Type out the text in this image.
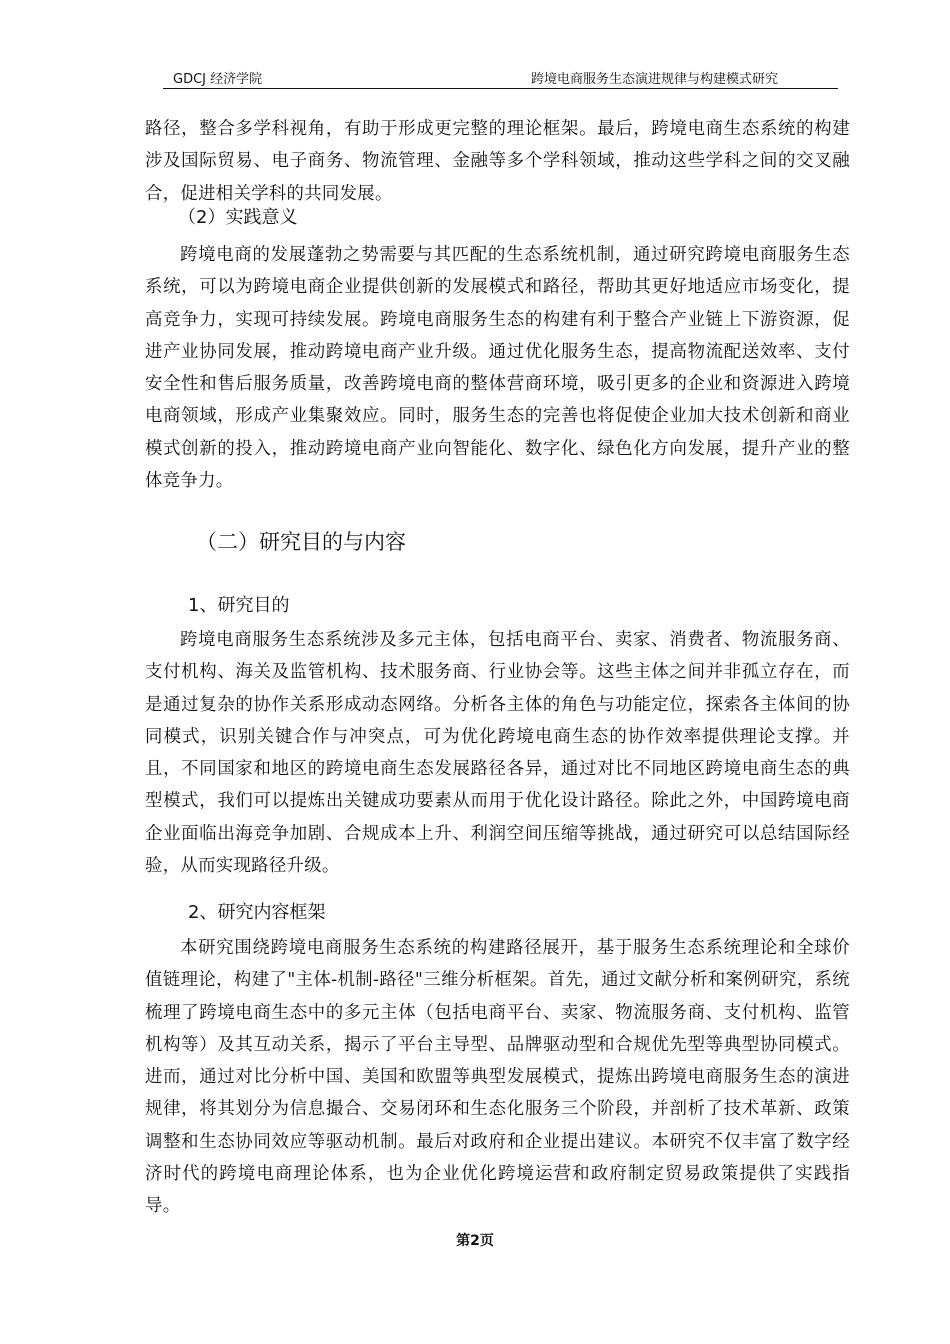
GDCJ 经济学院	跨境电商服务生态演进规律与构建模式研究
路径，整合多学科视角，有助于形成更完整的理论框架。最后，跨境电商生态系统的构建涉及国际贸易、电子商务、物流管理、金融等多个学科领域，推动这些学科之间的交叉融合，促进相关学科的共同发展。
（2）实践意义
跨境电商的发展蓬勃之势需要与其匹配的生态系统机制，通过研究跨境电商服务生态系统，可以为跨境电商企业提供创新的发展模式和路径，帮助其更好地适应市场变化，提高竞争力，实现可持续发展。跨境电商服务生态的构建有利于整合产业链上下游资源，促进产业协同发展，推动跨境电商产业升级。通过优化服务生态，提高物流配送效率、支付安全性和售后服务质量，改善跨境电商的整体营商环境，吸引更多的企业和资源进入跨境电商领域，形成产业集聚效应。同时，服务生态的完善也将促使企业加大技术创新和商业模式创新的投入，推动跨境电商产业向智能化、数字化、绿色化方向发展，提升产业的整体竞争力。
（二）研究目的与内容
1、研究目的
跨境电商服务生态系统涉及多元主体，包括电商平台、卖家、消费者、物流服务商、支付机构、海关及监管机构、技术服务商、行业协会等。这些主体之间并非孤立存在，而是通过复杂的协作关系形成动态网络。分析各主体的角色与功能定位，探索各主体间的协同模式，识别关键合作与冲突点，可为优化跨境电商生态的协作效率提供理论支撑。并且，不同国家和地区的跨境电商生态发展路径各异，通过对比不同地区跨境电商生态的典型模式，我们可以提炼出关键成功要素从而用于优化设计路径。除此之外，中国跨境电商企业面临出海竞争加剧、合规成本上升、利润空间压缩等挑战，通过研究可以总结国际经验，从而实现路径升级。
2、研究内容框架
本研究围绕跨境电商服务生态系统的构建路径展开，基于服务生态系统理论和全球价值链理论，构建了"主体-机制-路径"三维分析框架。首先，通过文献分析和案例研究，系统梳理了跨境电商生态中的多元主体（包括电商平台、卖家、物流服务商、支付机构、监管机构等）及其互动关系，揭示了平台主导型、品牌驱动型和合规优先型等典型协同模式。进而，通过对比分析中国、美国和欧盟等典型发展模式，提炼出跨境电商服务生态的演进规律，将其划分为信息撮合、交易闭环和生态化服务三个阶段，并剖析了技术革新、政策调整和生态协同效应等驱动机制。最后对政府和企业提出建议。本研究不仅丰富了数字经济时代的跨境电商理论体系，也为企业优化跨境运营和政府制定贸易政策提供了实践指导。
第2页
